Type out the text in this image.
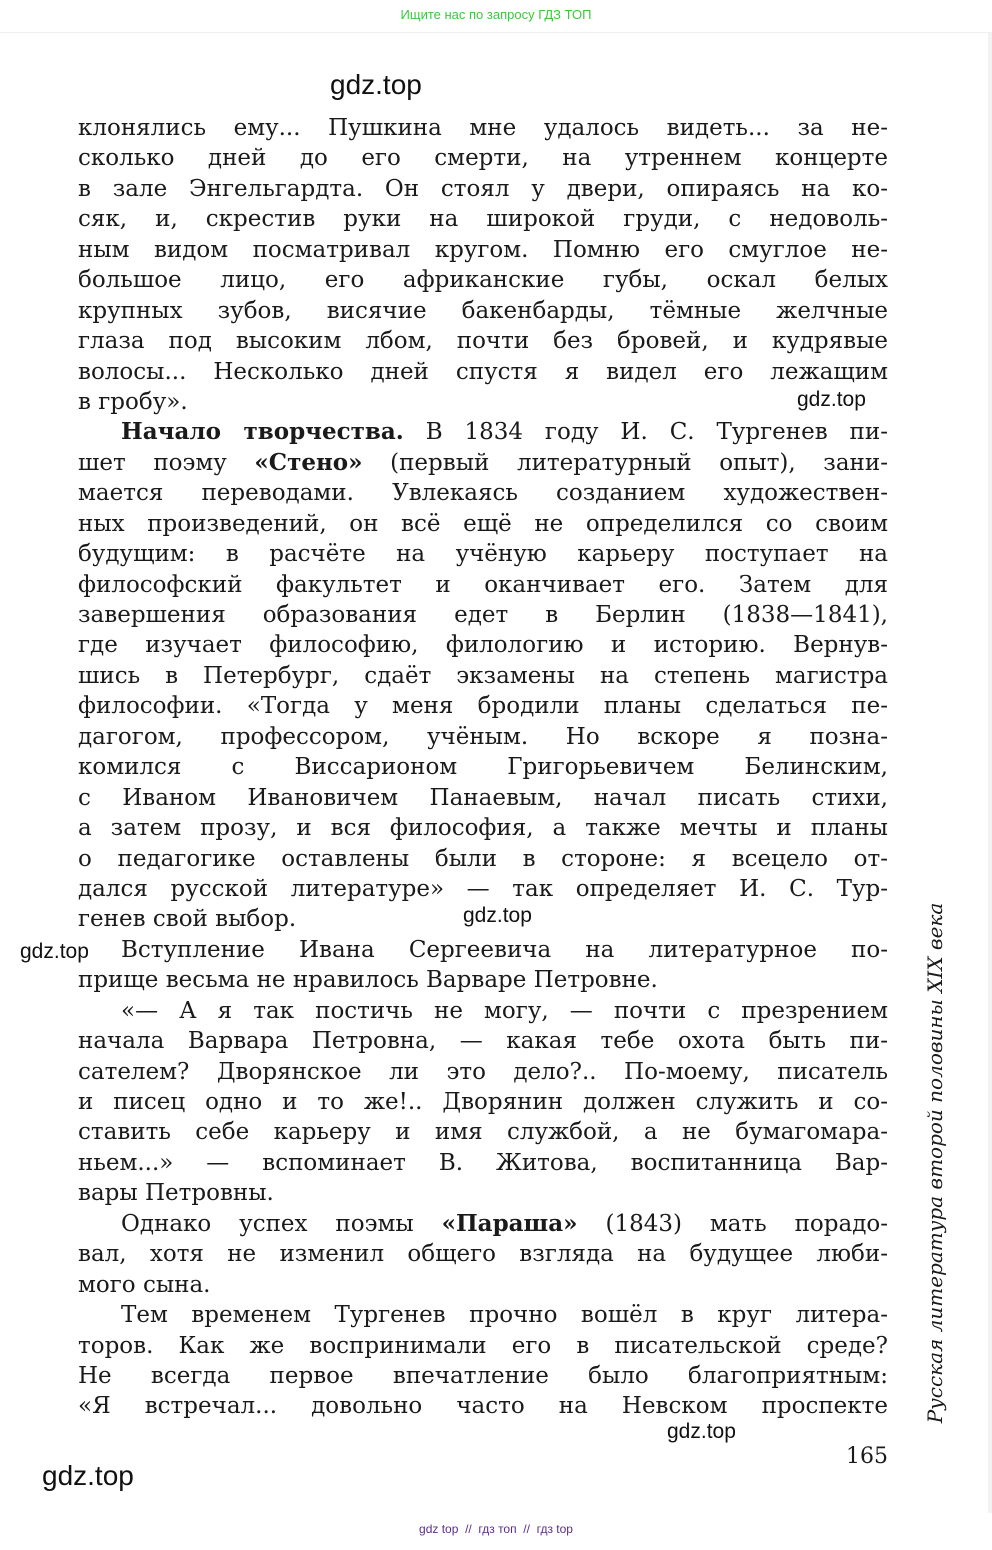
Ищите нас по запросу ГДЗ ТОП
клонялись ему... Пушкина мне удалось видеть... за не-
сколько дней до его смерти, на утреннем концерте
в зале Энгельгардта. Он стоял у двери, опираясь на ко-
сяк, и, скрестив руки на широкой груди, с недоволь-
ным видом посматривал кругом. Помню его смуглое не-
большое лицо, его африканские губы, оскал белых
крупных зубов, висячие бакенбарды, тёмные желчные
глаза под высоким лбом, почти без бровей, и кудрявые
волосы... Несколько дней спустя я видел его лежащим
в гробу».
Начало творчества. В 1834 году И. С. Тургенев пи-
шет поэму «Стено» (первый литературный опыт), зани-
мается переводами. Увлекаясь созданием художествен-
ных произведений, он всё ещё не определился со своим
будущим: в расчёте на учёную карьеру поступает на
философский факультет и оканчивает его. Затем для
завершения образования едет в Берлин (1838—1841),
где изучает философию, филологию и историю. Вернув-
шись в Петербург, сдаёт экзамены на степень магистра
философии. «Тогда у меня бродили планы сделаться пе-
дагогом, профессором, учёным. Но вскоре я позна-
комился с Виссарионом Григорьевичем Белинским,
с Иваном Ивановичем Панаевым, начал писать стихи,
а затем прозу, и вся философия, а также мечты и планы
о педагогике оставлены были в стороне: я всецело от-
дался русской литературе» — так определяет И. С. Тур-
генев свой выбор.
Вступление Ивана Сергеевича на литературное по-
прище весьма не нравилось Варваре Петровне.
«— А я так постичь не могу, — почти с презрением
начала Варвара Петровна, — какая тебе охота быть пи-
сателем? Дворянское ли это дело?.. По-моему, писатель
и писец одно и то же!.. Дворянин должен служить и со-
ставить себе карьеру и имя службой, а не бумагомара-
ньем...» — вспоминает В. Житова, воспитанница Вар-
вары Петровны.
Однако успех поэмы «Параша» (1843) мать порадо-
вал, хотя не изменил общего взгляда на будущее люби-
мого сына.
Тем временем Тургенев прочно вошёл в круг литера-
торов. Как же воспринимали его в писательской среде?
Не всегда первое впечатление было благоприятным:
«Я встречал... довольно часто на Невском проспекте
gdz.top
gdz.top
gdz.top
gdz.top
gdz.top
gdz.top
Русская литература второй половины XIX века
165
gdz top  //  гдз топ  //  гдз top
